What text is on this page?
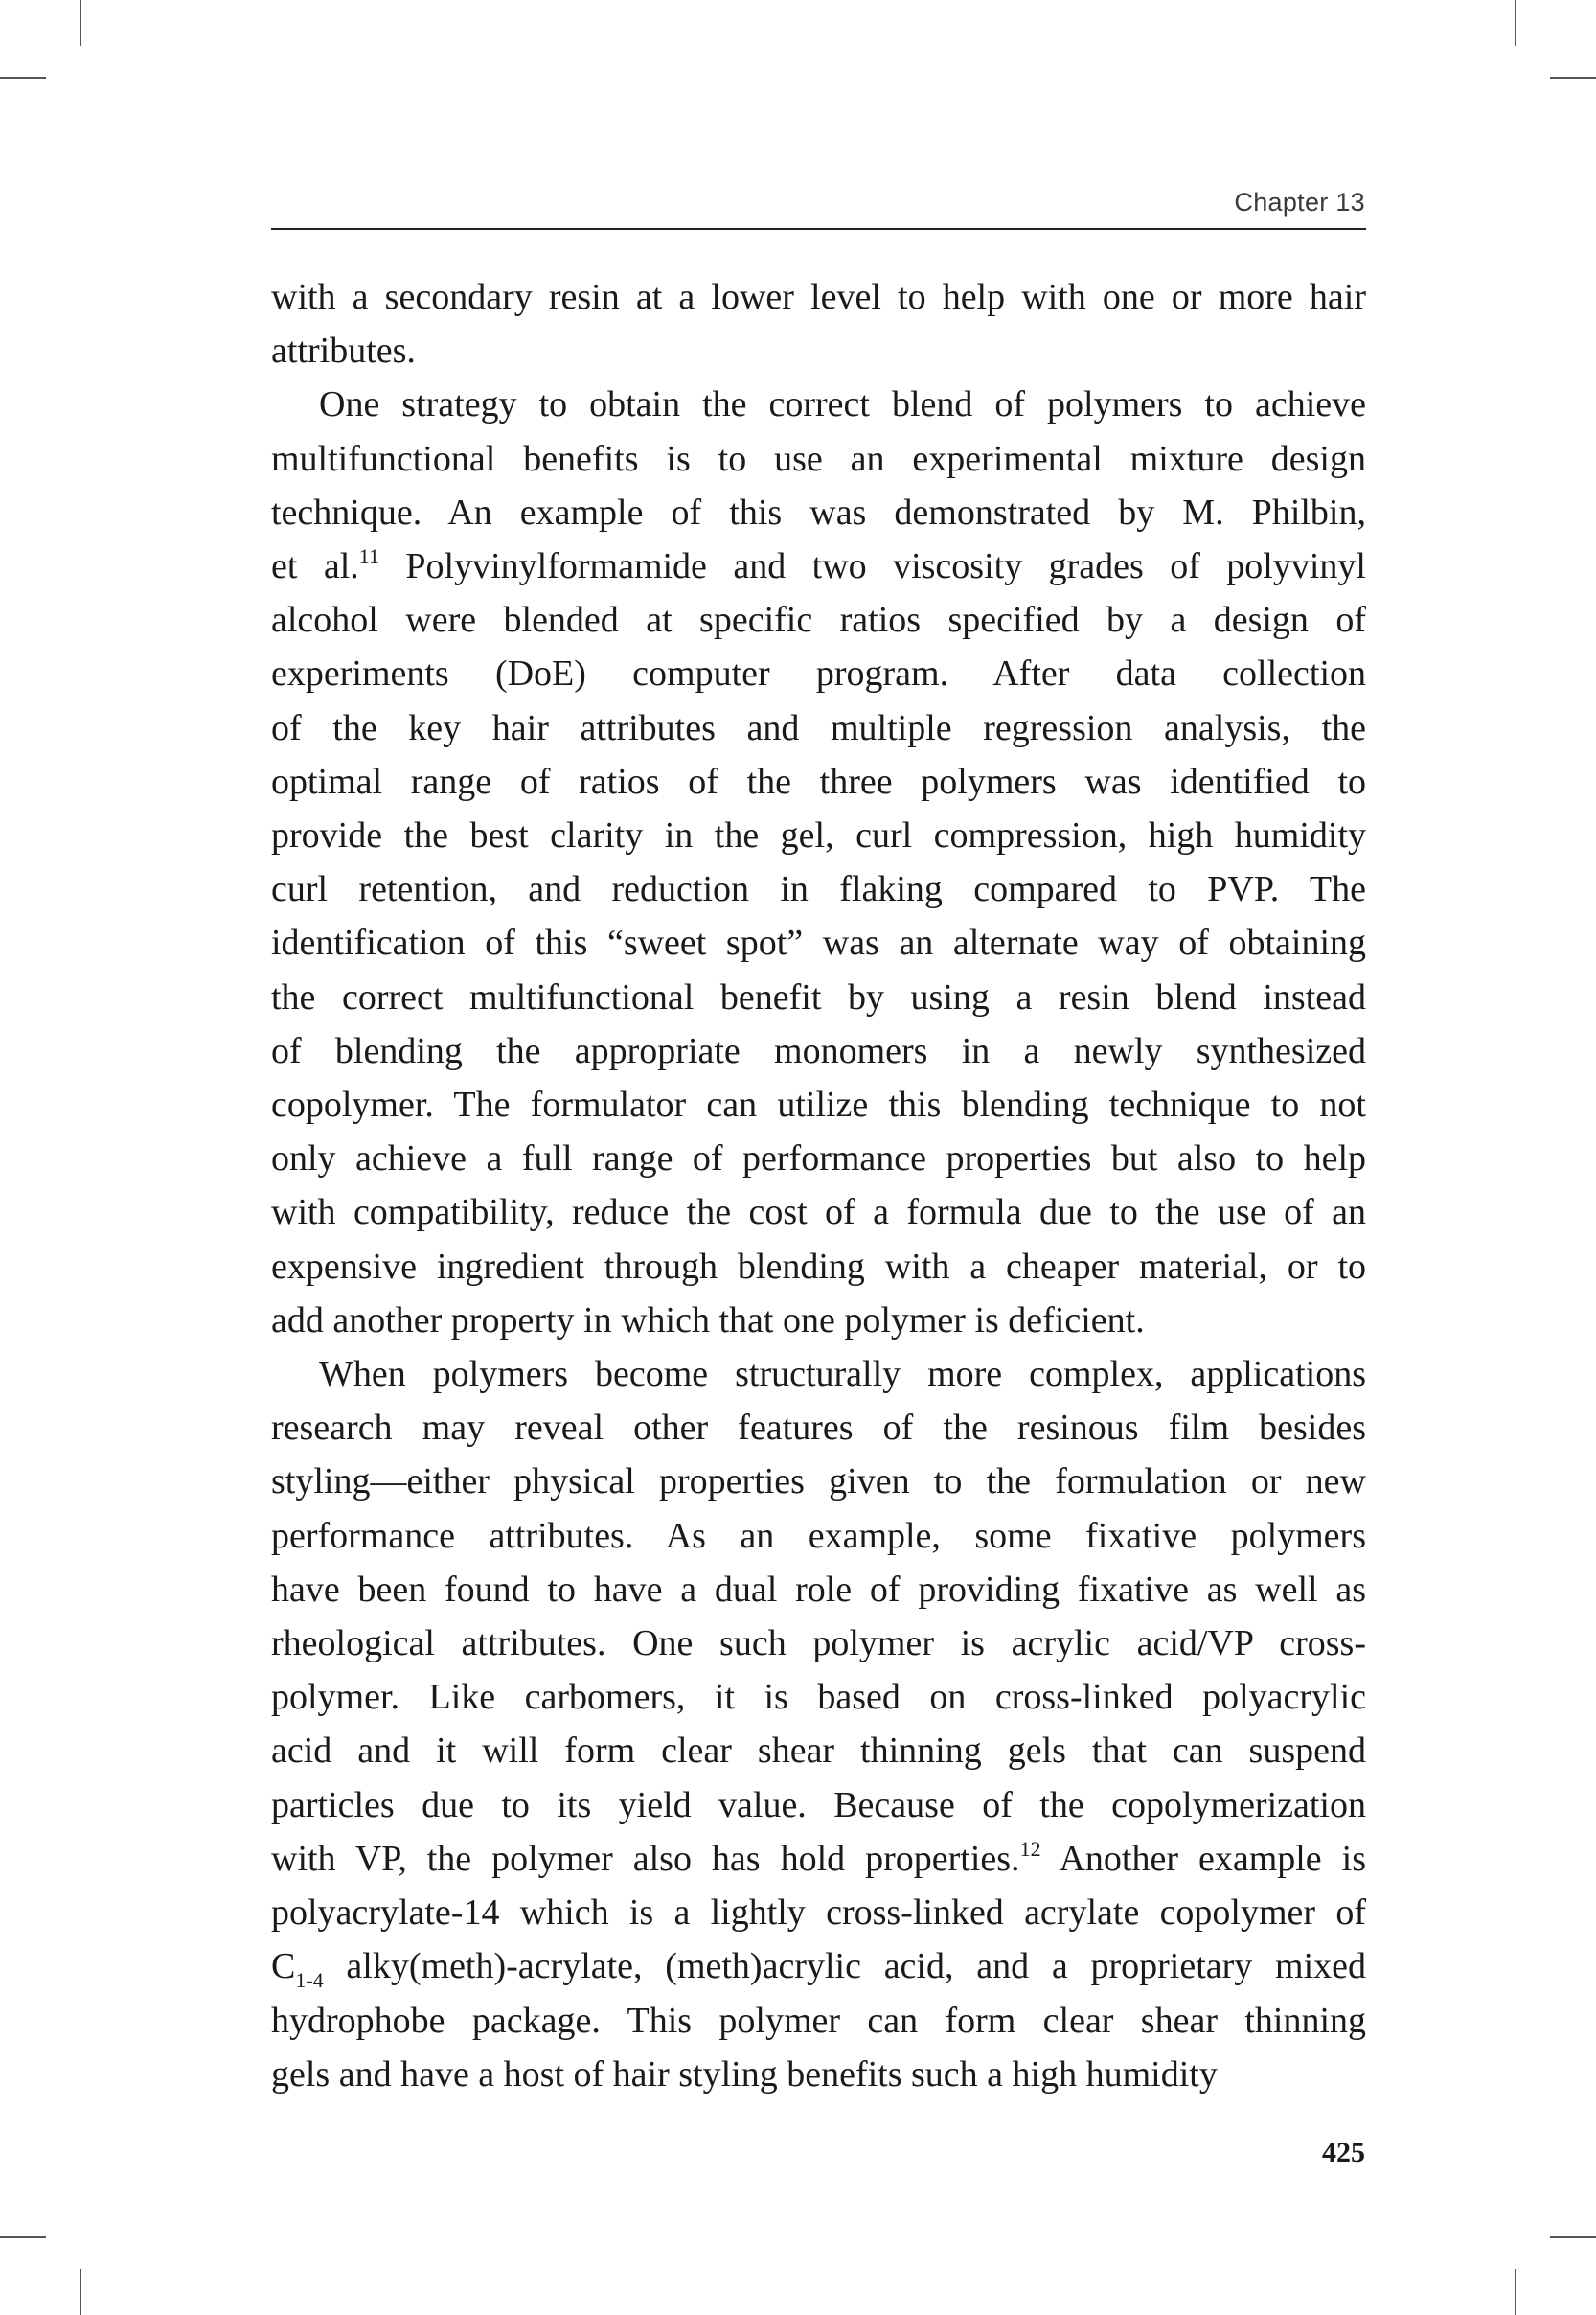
Chapter 13
with a secondary resin at a lower level to help with one or more hair
attributes.
One strategy to obtain the correct blend of polymers to achieve
multifunctional benefits is to use an experimental mixture design
technique. An example of this was demonstrated by M. Philbin,
et al.$^{11}$ Polyvinylformamide and two viscosity grades of polyvinyl
alcohol were blended at specific ratios specified by a design of
experiments (DoE) computer program. After data collection
of the key hair attributes and multiple regression analysis, the
optimal range of ratios of the three polymers was identified to
provide the best clarity in the gel, curl compression, high humidity
curl retention, and reduction in flaking compared to PVP. The
identification of this “sweet spot” was an alternate way of obtaining
the correct multifunctional benefit by using a resin blend instead
of blending the appropriate monomers in a newly synthesized
copolymer. The formulator can utilize this blending technique to not
only achieve a full range of performance properties but also to help
with compatibility, reduce the cost of a formula due to the use of an
expensive ingredient through blending with a cheaper material, or to
add another property in which that one polymer is deficient.
When polymers become structurally more complex, applications
research may reveal other features of the resinous film besides
styling—either physical properties given to the formulation or new
performance attributes. As an example, some fixative polymers
have been found to have a dual role of providing fixative as well as
rheological attributes. One such polymer is acrylic acid/VP cross-
polymer. Like carbomers, it is based on cross-linked polyacrylic
acid and it will form clear shear thinning gels that can suspend
particles due to its yield value. Because of the copolymerization
with VP, the polymer also has hold properties.$^{12}$ Another example is
polyacrylate-14 which is a lightly cross-linked acrylate copolymer of
$C_{1-4}$ alky(meth)-acrylate, (meth)acrylic acid, and a proprietary mixed
hydrophobe package. This polymer can form clear shear thinning
gels and have a host of hair styling benefits such a high humidity
425
